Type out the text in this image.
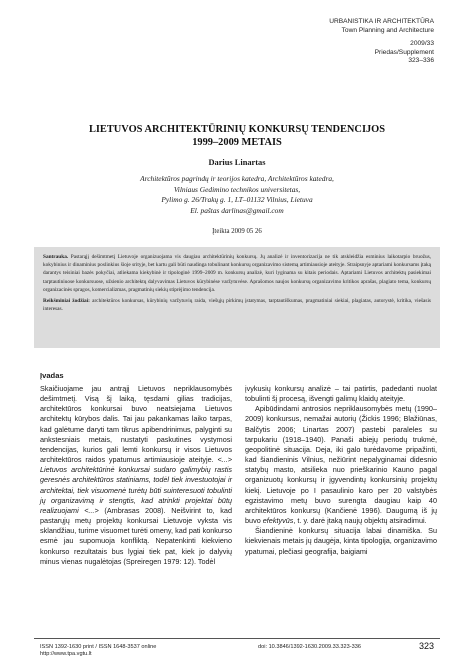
URBANISTIKA IR ARCHITEKTŪRA
Town Planning and Architecture
2009/33
Priedas/Supplement
323–336
LIETUVOS ARCHITEKTŪRINIŲ KONKURSŲ TENDENCIJOS
1999–2009 METAIS
Darius Linartas
Architektūros pagrindų ir teorijos katedra, Architektūros katedra,
Vilniaus Gedimino technikos universitetas,
Pylimo g. 26/Trakų g. 1, LT–01132 Vilnius, Lietuva
El. paštas darlinas@gmail.com
Įteikta 2009 05 26

Santrauka. Pastarąjį dešimtmetį Lietuvoje organizuojama vis daugiau architektūrinių konkursų. Jų analizė ir inventorizacija ne tik atskleidžia esminius laikotarpio bruožus, kokybinius ir dinaminius poslinkius šioje srityje, bet kartu gali būti naudinga tobulinant konkursų organizavimo sistemą artimiausioje ateityje. Straipsnyje aptariami konkursams įtaką darantys teisiniai bazės pokyčiai, atliekama kiekybinė ir tipologinė 1999–2009 m. konkursų analizė, kuri lyginama su kitais periodais. Aptariami Lietuvos architektų pasiekimai tarptautiniuose konkursuose, užsienio architektų dalyvavimas Lietuvos kūrybinėse varžytuvėse. Aprašomos naujos konkursų organizavimo kritikos aprašas, plagiato tema, konkursų organizacinės spragos, komercializmas, pragmatinių siekių stiprėjimo tendencija.

Reikšminiai žodžiai: architektūros konkursas, kūrybinių varžytuvių raida, viešųjų pirkimų įstatymas, tarptautiškumas, pragmatiniai siekiai, plagiatas, autorystė, kritika, viešasis interesas.

Įvadas

Skaičiuojame jau antrąjį Lietuvos nepriklausomybės dešimtmetį. Visą šį laiką, tęsdami gilias tradicijas, architektūros konkursai buvo neatsiejama Lietuvos architektų kūrybos dalis. Tai jau pakankamas laiko tarpas, kad galėtume daryti tam tikrus apibendrinimus, palyginti su ankstesniais metais, nustatyti paskutines vystymosi tendencijas, kurios gali lemti konkursų ir visos Lietuvos architektūros raidos ypatumus artimiausioje ateityje. <...> Lietuvos architektūrinė konkursai sudaro galimybių rastis geresnės architektūros statiniams, todėl tiek investuotojai ir architektai, tiek visuomenė turėtų būti suinteresuoti tobulinti jų organizavimą ir stengtis, kad atrinkti projektai būtų realizuojami <...> (Ambrasas 2008). Neišvirint to, kad pastarųjų metų projektų konkursai Lietuvoje vyksta vis sklandžiau, turime visuomet turėti omeny, kad pati konkurso esmė jau supomuoja konfliktą. Nepatenkinti kiekvieno konkurso rezultatais bus lygiai tiek pat, kiek jo dalyvių minus vienas nugalėtojas (Spreiregen 1979: 12). Todėl

įvykusių konkursų analizė – tai patirtis, padedanti nuolat tobulinti šį procesą, išvengti galimų klaidų ateityje.

Apibūdindami antrosios nepriklausomybės metų (1990–2009) konkursus, nemažai autorių (Žickis 1996; Blažiūnas, Balčytis 2006; Linartas 2007) pastebi paraleles su tarpukariu (1918–1940). Panaši abiejų periodų trukmė, geopolitinė situacija. Deja, iki galo turėdavome pripažinti, kad šiandieninis Vilnius, nežiūrint nepalyginamai didesnio statybų masto, atsilieka nuo prieškarinio Kauno pagal organizuotų konkursų ir įgyvendintų konkursinių projektų kiekį. Lietuvoje po I pasaulinio karo per 20 valstybės egzistavimo metų buvo surengta daugiau kaip 40 architektūros konkursų (Kančienė 1996). Daugumą iš jų buvo efektyvūs, t. y. darė įtaką naujų objektų atsiradimui.

Šiandieninė konkursų situacija labai dinamiška. Su kiekvienais metais jų daugėja, kinta tipologija, organizavimo ypatumai, plečiasi geografija, baigiami

ISSN 1392-1630 print / ISSN 1648-3537 online
http://www.tpa.vgtu.lt
doi: 10.3846/1392-1630.2009.33.323-336	323
